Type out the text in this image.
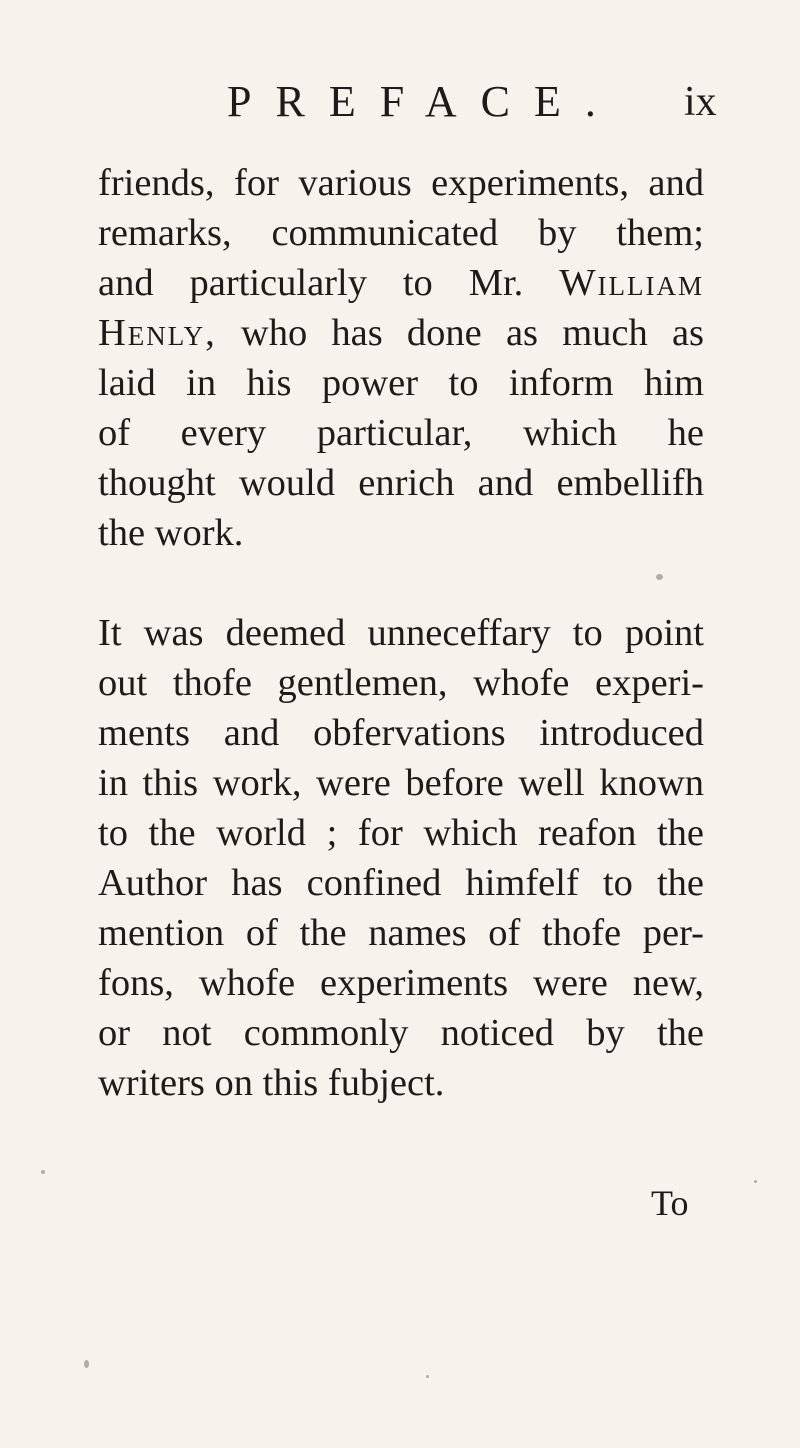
PREFACE. ix
friends, for various experiments, and
remarks, communicated by them;
and particularly to Mr. William
Henly, who has done as much as
laid in his power to inform him
of every particular, which he
thought would enrich and embellifh
the work.
It was deemed unneceffary to point
out thofe gentlemen, whofe experi-
ments and obfervations introduced
in this work, were before well known
to the world ; for which reafon the
Author has confined himfelf to the
mention of the names of thofe per-
fons, whofe experiments were new,
or not commonly noticed by the
writers on this fubject.
To
